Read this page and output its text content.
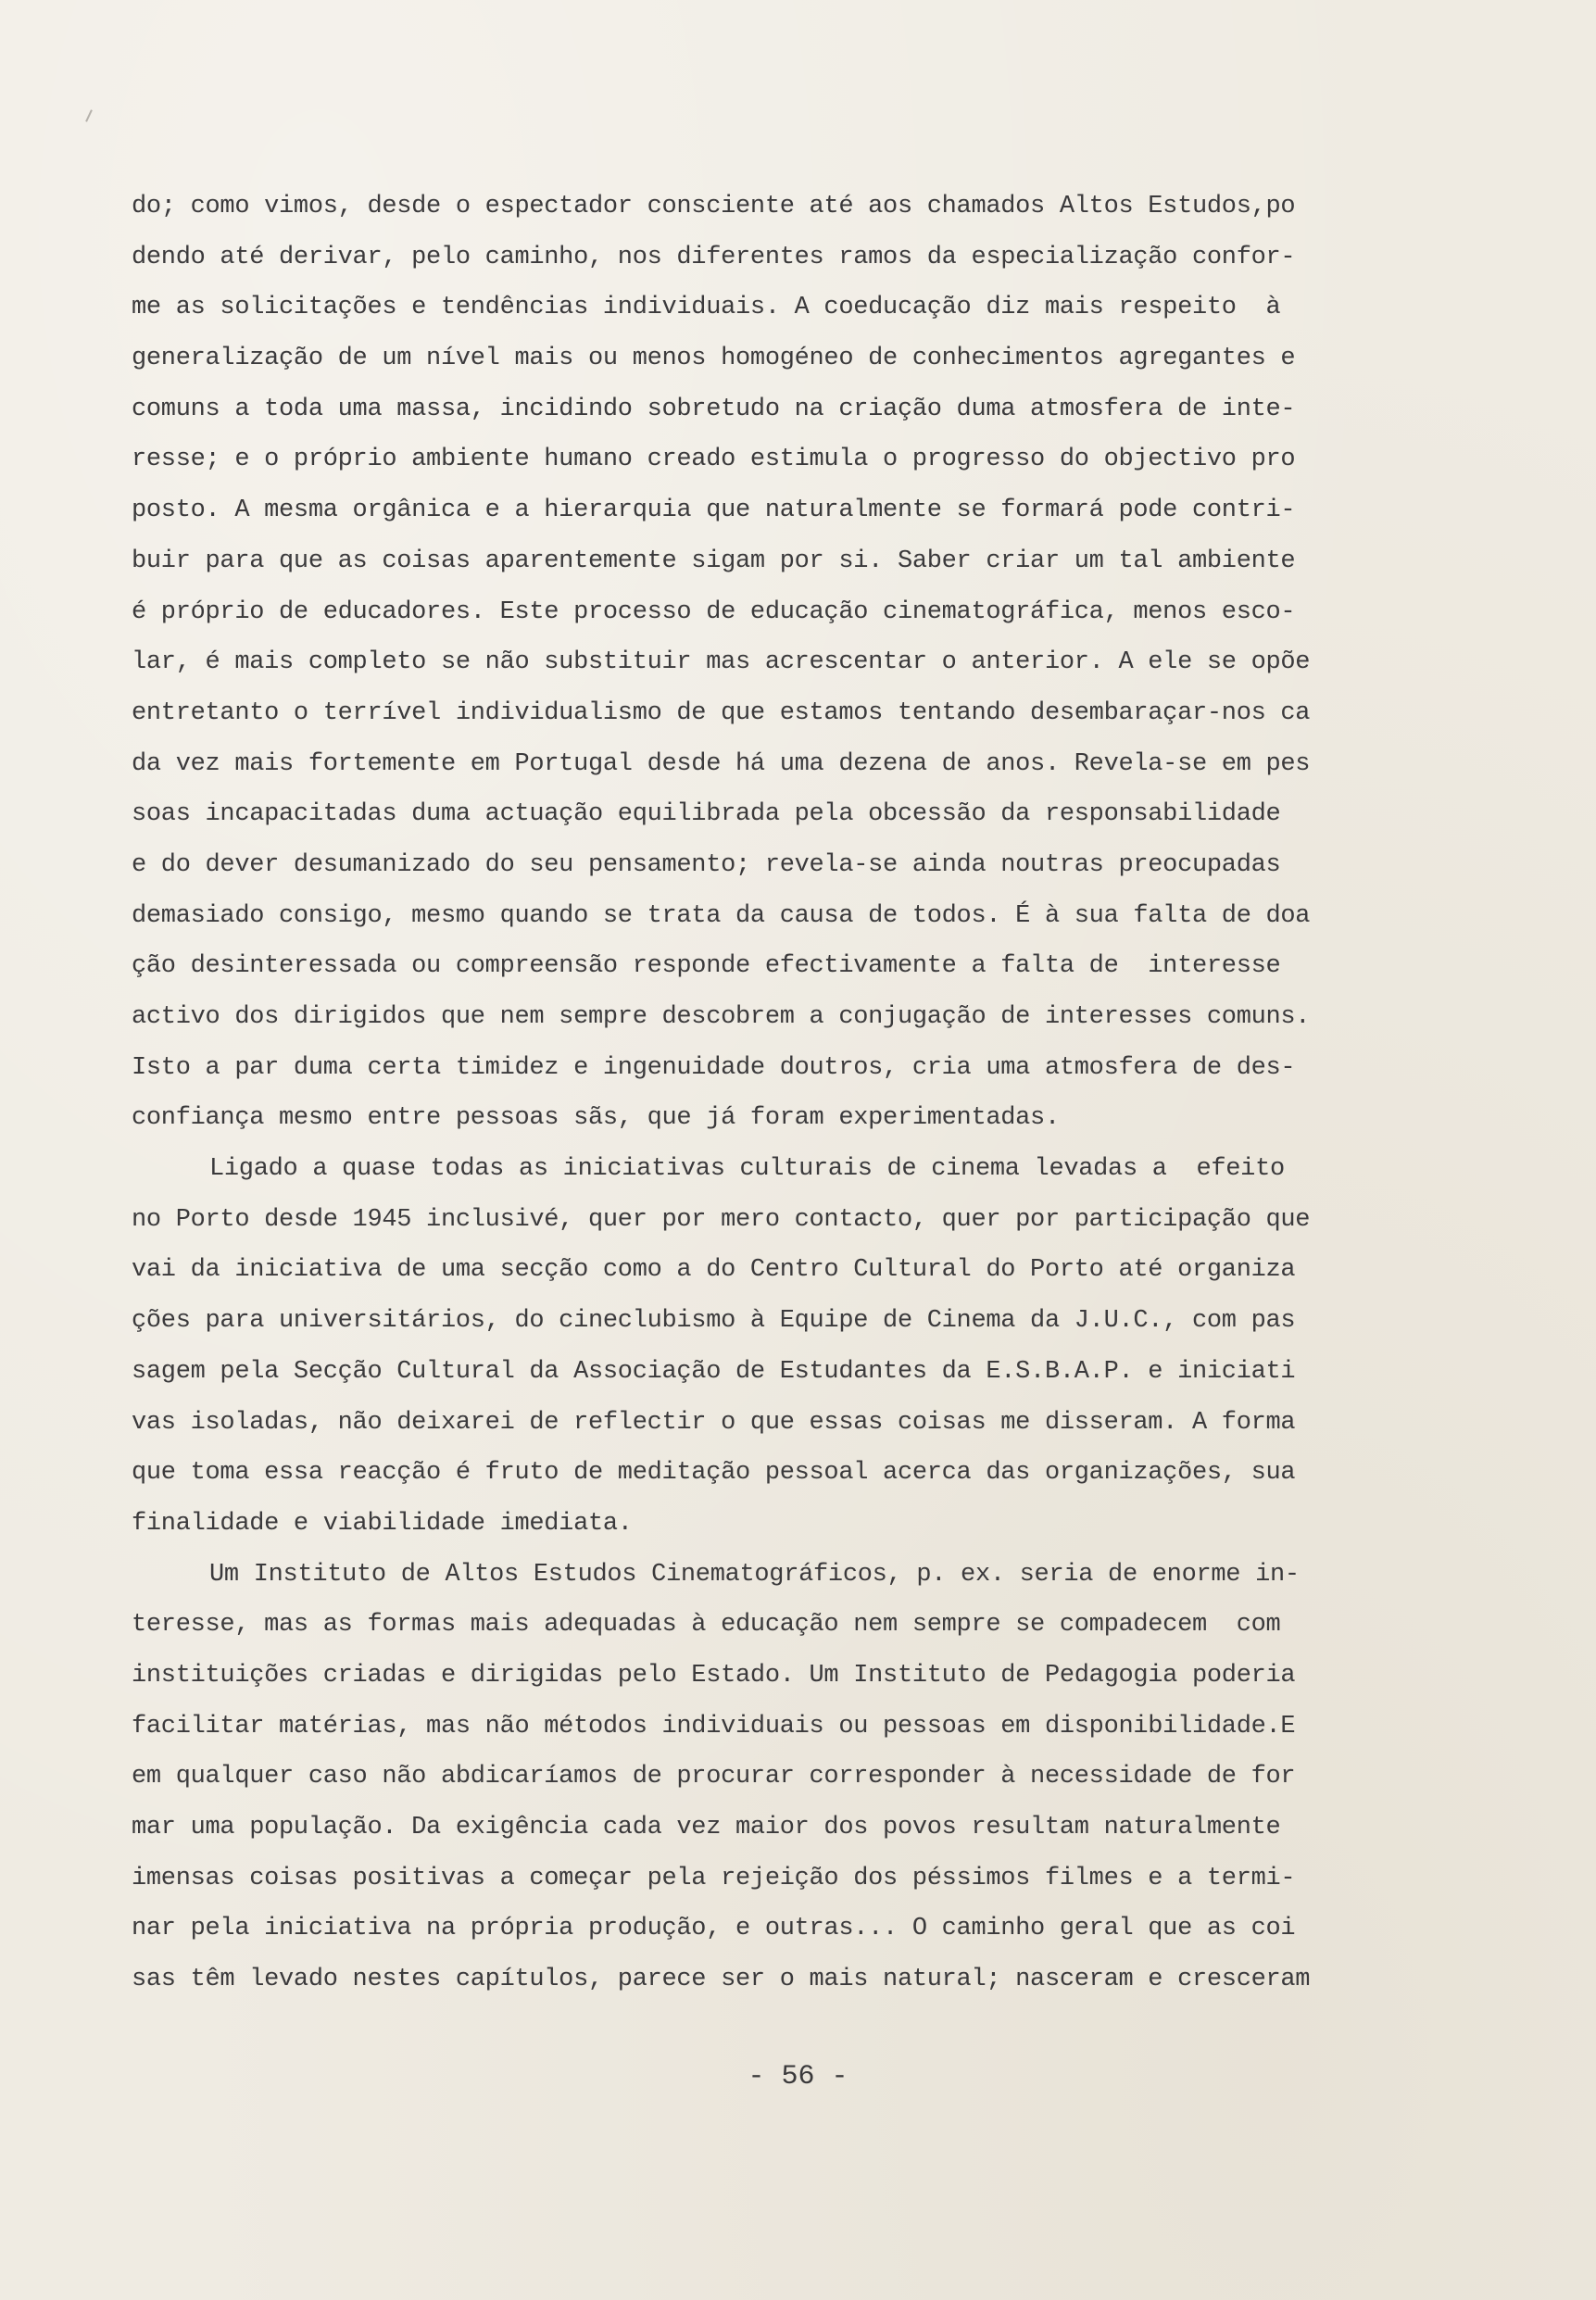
do; como vimos, desde o espectador consciente até aos chamados Altos Estudos,po
dendo até derivar, pelo caminho, nos diferentes ramos da especialização confor-
me as solicitações e tendências individuais. A coeducação diz mais respeito  à
generalização de um nível mais ou menos homogéneo de conhecimentos agregantes e
comuns a toda uma massa, incidindo sobretudo na criação duma atmosfera de inte-
resse; e o próprio ambiente humano creado estimula o progresso do objectivo pro
posto. A mesma orgânica e a hierarquia que naturalmente se formará pode contri-
buir para que as coisas aparentemente sigam por si. Saber criar um tal ambiente
é próprio de educadores. Este processo de educação cinematográfica, menos esco-
lar, é mais completo se não substituir mas acrescentar o anterior. A ele se opõe
entretanto o terrível individualismo de que estamos tentando desembaraçar-nos ca
da vez mais fortemente em Portugal desde há uma dezena de anos. Revela-se em pes
soas incapacitadas duma actuação equilibrada pela obcessão da responsabilidade
e do dever desumanizado do seu pensamento; revela-se ainda noutras preocupadas
demasiado consigo, mesmo quando se trata da causa de todos. É à sua falta de doa
ção desinteressada ou compreensão responde efectivamente a falta de  interesse
activo dos dirigidos que nem sempre descobrem a conjugação de interesses comuns.
Isto a par duma certa timidez e ingenuidade doutros, cria uma atmosfera de des-
confiança mesmo entre pessoas sãs, que já foram experimentadas.
Ligado a quase todas as iniciativas culturais de cinema levadas a  efeito
no Porto desde 1945 inclusivé, quer por mero contacto, quer por participação que
vai da iniciativa de uma secção como a do Centro Cultural do Porto até organiza
ções para universitários, do cineclubismo à Equipe de Cinema da J.U.C., com pas
sagem pela Secção Cultural da Associação de Estudantes da E.S.B.A.P. e iniciati
vas isoladas, não deixarei de reflectir o que essas coisas me disseram. A forma
que toma essa reacção é fruto de meditação pessoal acerca das organizações, sua
finalidade e viabilidade imediata.
Um Instituto de Altos Estudos Cinematográficos, p. ex. seria de enorme in-
teresse, mas as formas mais adequadas à educação nem sempre se compadecem  com
instituições criadas e dirigidas pelo Estado. Um Instituto de Pedagogia poderia
facilitar matérias, mas não métodos individuais ou pessoas em disponibilidade.E
em qualquer caso não abdicaríamos de procurar corresponder à necessidade de for
mar uma população. Da exigência cada vez maior dos povos resultam naturalmente
imensas coisas positivas a começar pela rejeição dos péssimos filmes e a termi-
nar pela iniciativa na própria produção, e outras... O caminho geral que as coi
sas têm levado nestes capítulos, parece ser o mais natural; nasceram e cresceram
- 56 -
